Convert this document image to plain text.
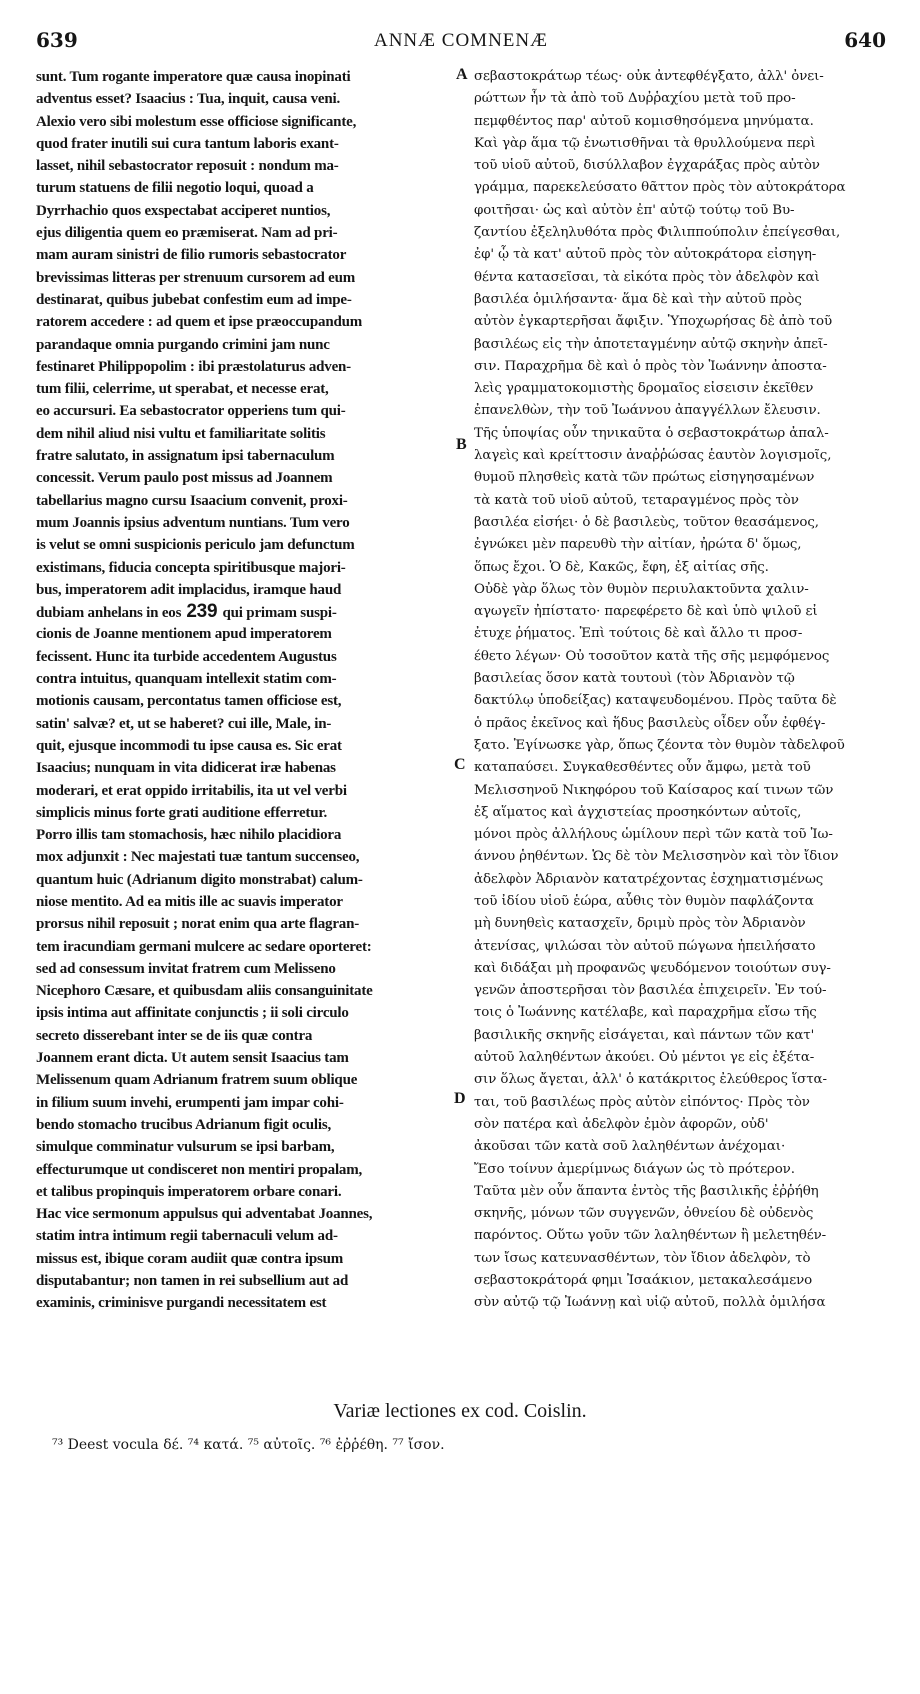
639	ANNÆ COMNENÆ	640
sunt. Tum rogante imperatore quæ causa inopinati
adventus esset? Isaacius : Tua, inquit, causa veni.
Alexio vero sibi molestum esse officiose significante,
quod frater inutili sui cura tantum laboris exant-
lasset, nihil sebastocrator reposuit : nondum ma-
turum statuens de filii negotio loqui, quoad a
Dyrrhachio quos exspectabat acciperet nuntios,
ejus diligentia quem eo præmiserat. Nam ad pri-
mam auram sinistri de filio rumoris sebastocrator
brevissimas litteras per strenuum cursorem ad eum
destinarat, quibus jubebat confestim eum ad impe-
ratorem accedere : ad quem et ipse præoccupandum
parandaque omnia purgando crimini jam nunc
festinaret Philippopolim : ibi præstolaturus adven-
tum filii, celerrime, ut sperabat, et necesse erat,
eo accursuri. Ea sebastocrator opperiens tum qui-
dem nihil aliud nisi vultu et familiaritate solitis
fratre salutato, in assignatum ipsi tabernaculum
concessit. Verum paulo post missus ad Joannem
tabellarius magno cursu Isaacium convenit, proxi-
mum Joannis ipsius adventum nuntians. Tum vero
is velut se omni suspicionis periculo jam defunctum
existimans, fiducia concepta spiritibusque majori-
bus, imperatorem adit implacidus, iramque haud
dubiam anhelans in eos 239 qui primam suspi-
cionis de Joanne mentionem apud imperatorem
fecissent. Hunc ita turbide accedentem Augustus
contra intuitus, quanquam intellexit statim com-
motionis causam, percontatus tamen officiose est,
satin' salvæ? et, ut se haberet? cui ille, Male, in-
quit, ejusque incommodi tu ipse causa es. Sic erat
Isaacius; nunquam in vita didicerat iræ habenas
moderari, et erat oppido irritabilis, ita ut vel verbi
simplicis minus forte grati auditione efferretur.
Porro illis tam stomachosis, hæc nihilo placidiora
mox adjunxit : Nec majestati tuæ tantum succenseo,
quantum huic (Adrianum digito monstrabat) calum-
niose mentito. Ad ea mitis ille ac suavis imperator
prorsus nihil reposuit ; norat enim qua arte flagran-
tem iracundiam germani mulcere ac sedare oporteret:
sed ad consessum invitat fratrem cum Melisseno
Nicephoro Cæsare, et quibusdam aliis consanguinitate
ipsis intima aut affinitate conjunctis ; ii soli circulo
secreto disserebant inter se de iis quæ contra
Joannem erant dicta. Ut autem sensit Isaacius tam
Melissenum quam Adrianum fratrem suum oblique
in filium suum invehi, erumpenti jam impar cohi-
bendo stomacho trucibus Adrianum figit oculis,
simulque comminatur vulsurum se ipsi barbam,
effecturumque ut condisceret non mentiri propalam,
et talibus propinquis imperatorem orbare conari.
Hac vice sermonum appulsus qui adventabat Joannes,
statim intra intimum regii tabernaculi velum ad-
missus est, ibique coram audiit quæ contra ipsum
disputabantur; non tamen in rei subsellium aut ad
examinis, criminisve purgandi necessitatem est
A
B
C
D
σεβαστοκράτωρ τέως· οὐκ ἀντεφθέγξατο, ἀλλ' ὀνει-
ρώττων ἦν τὰ ἀπὸ τοῦ Δυῤῥαχίου μετὰ τοῦ προ-
πεμφθέντος παρ' αὐτοῦ κομισθησόμενα μηνύματα.
Καὶ γὰρ ἅμα τῷ ἐνωτισθῆναι τὰ θρυλλούμενα περὶ
τοῦ υἱοῦ αὐτοῦ, δισύλλαβον ἐγχαράξας πρὸς αὐτὸν
γράμμα, παρεκελεύσατο θᾶττον πρὸς τὸν αὐτοκράτορα
φοιτῆσαι· ὡς καὶ αὐτὸν ἐπ' αὐτῷ τούτῳ τοῦ Βυ-
ζαντίου ἐξεληλυθότα πρὸς Φιλιππούπολιν ἐπείγεσθαι,
ἐφ' ᾧ τὰ κατ' αὐτοῦ πρὸς τὸν αὐτοκράτορα εἰσηγη-
θέντα κατασεῖσαι, τὰ εἰκότα πρὸς τὸν ἀδελφὸν καὶ
βασιλέα ὁμιλήσαντα· ἅμα δὲ καὶ τὴν αὐτοῦ πρὸς
αὐτὸν ἐγκαρτερῆσαι ἄφιξιν. Ὑποχωρήσας δὲ ἀπὸ τοῦ
βασιλέως εἰς τὴν ἀποτεταγμένην αὐτῷ σκηνὴν ἀπεῖ-
σιν. Παραχρῆμα δὲ καὶ ὁ πρὸς τὸν Ἰωάννην ἀποστα-
λεὶς γραμματοκομιστὴς δρομαῖος εἰσεισιν ἐκεῖθεν
ἐπανελθὼν, τὴν τοῦ Ἰωάννου ἀπαγγέλλων ἔλευσιν.
Τῆς ὑποψίας οὖν τηνικαῦτα ὁ σεβαστοκράτωρ ἀπαλ-
λαγεὶς καὶ κρείττοσιν ἀναῤῥώσας ἑαυτὸν λογισμοῖς,
θυμοῦ πλησθεὶς κατὰ τῶν πρώτως εἰσηγησαμένων
τὰ κατὰ τοῦ υἱοῦ αὐτοῦ, τεταραγμένος πρὸς τὸν
βασιλέα εἰσήει· ὁ δὲ βασιλεὺς, τοῦτον θεασάμενος,
ἐγνώκει μὲν παρευθὺ τὴν αἰτίαν, ἠρώτα δ' ὅμως,
ὅπως ἔχοι. Ὁ δὲ, Κακῶς, ἔφη, ἐξ αἰτίας σῆς.
Οὐδὲ γὰρ ὅλως τὸν θυμὸν περιυλακτοῦντα χαλιν-
αγωγεῖν ἠπίστατο· παρεφέρετο δὲ καὶ ὑπὸ ψιλοῦ εἰ
ἐτυχε ῥήματος. Ἐπὶ τούτοις δὲ καὶ ἄλλο τι προσ-
έθετο λέγων· Οὐ τοσοῦτον κατὰ τῆς σῆς μεμφόμενος
βασιλείας ὅσον κατὰ τουτουὶ (τὸν Ἀδριανὸν τῷ
δακτύλῳ ὑποδείξας) καταψευδομένου. Πρὸς ταῦτα δὲ
ὁ πρᾶος ἐκεῖνος καὶ ἥδυς βασιλεὺς οἶδεν οὖν ἐφθέγ-
ξατο. Ἐγίνωσκε γὰρ, ὅπως ζέοντα τὸν θυμὸν τὰδελφοῦ
καταπαύσει. Συγκαθεσθέντες οὖν ἄμφω, μετὰ τοῦ
Μελισσηνοῦ Νικηφόρου τοῦ Καίσαρος καί τινων τῶν
ἐξ αἵματος καὶ ἀγχιστείας προσηκόντων αὐτοῖς,
μόνοι πρὸς ἀλλήλους ὡμίλουν περὶ τῶν κατὰ τοῦ Ἰω-
άννου ῥηθέντων. Ὡς δὲ τὸν Μελισσηνὸν καὶ τὸν ἴδιον
ἀδελφὸν Ἀδριανὸν κατατρέχοντας ἐσχηματισμένως
τοῦ ἰδίου υἱοῦ ἑώρα, αὖθις τὸν θυμὸν παφλάζοντα
μὴ δυνηθεὶς κατασχεῖν, δριμὺ πρὸς τὸν Ἀδριανὸν
ἀτενίσας, ψιλώσαι τὸν αὐτοῦ πώγωνα ἠπειλήσατο
καὶ διδάξαι μὴ προφανῶς ψευδόμενον τοιούτων συγ-
γενῶν ἀποστερῆσαι τὸν βασιλέα ἐπιχειρεῖν. Ἐν τού-
τοις ὁ Ἰωάννης κατέλαβε, καὶ παραχρῆμα εἴσω τῆς
βασιλικῆς σκηνῆς εἰσάγεται, καὶ πάντων τῶν κατ'
αὐτοῦ λαληθέντων ἀκούει. Οὐ μέντοι γε εἰς ἐξέτα-
σιν ὅλως ἄγεται, ἀλλ' ὁ κατάκριτος ἐλεύθερος ἵστα-
ται, τοῦ βασιλέως πρὸς αὐτὸν εἰπόντος· Πρὸς τὸν
σὸν πατέρα καὶ ἀδελφὸν ἐμὸν ἀφορῶν, οὐδ'
ἀκοῦσαι τῶν κατὰ σοῦ λαληθέντων ἀνέχομαι·
Ἔσο τοίνυν ἀμερίμνως διάγων ὡς τὸ πρότερον.
Ταῦτα μὲν οὖν ἅπαντα ἐντὸς τῆς βασιλικῆς ἐῤῥήθη
σκηνῆς, μόνων τῶν συγγενῶν, ὀθνείου δὲ οὐδενὸς
παρόντος. Οὕτω γοῦν τῶν λαληθέντων ἢ μελετηθέν-
των ἴσως κατευνασθέντων, τὸν ἴδιον ἀδελφὸν, τὸ
σεβαστοκράτορά φημι Ἰσαάκιον, μετακαλεσάμενο
σὺν αὐτῷ τῷ Ἰωάννῃ καὶ υἱῷ αὐτοῦ, πολλὰ ὁμιλήσα
Variæ lectiones ex cod. Coislin.
⁷³ Deest vocula δέ. ⁷⁴ κατά. ⁷⁵ αὐτοῖς. ⁷⁶ ἐῤῥέθη. ⁷⁷ ἴσον.
